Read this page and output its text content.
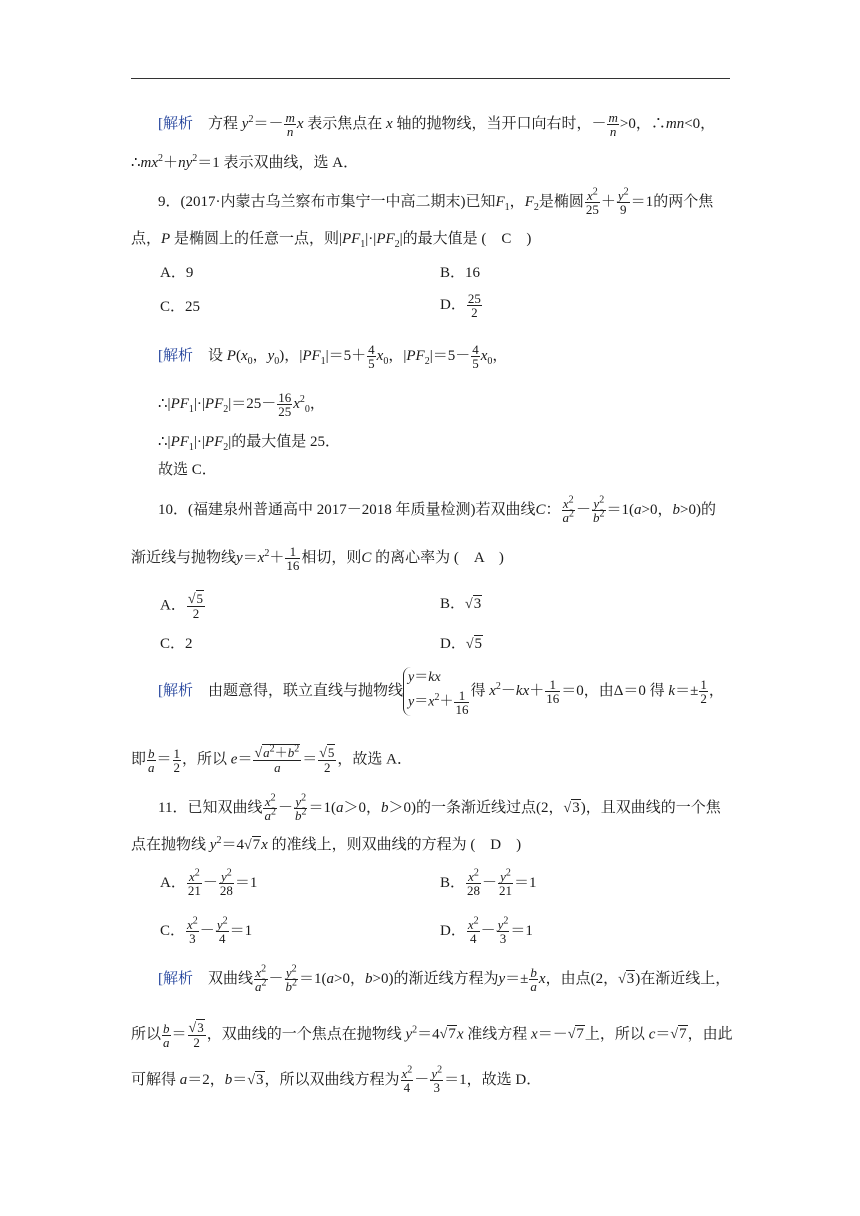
[解析 方程 $y^2=- \frac{m}{n}$ x 表示焦点在 x 轴的抛物线，当开口向右时，－ $\frac{m}{n} >0$，∴mn<0，
$\therefore mx^2+ny^2=1$ 表示双曲线，选 A．
9．(2017·内蒙古乌兰察布市集宁一中高二期末)已知$F_1$，$F_2$是椭圆 $\frac{x^2}{25} + \frac{y^2}{9} =1$的两个焦
点，P 是椭圆上的任意一点，则$|PF_1|\cdot|PF_2|$的最大值是 (　C　)
A．9	B．16
C．25	D． $\frac{25}{2}$
[解析 设 $P(x_0$，$y_0$)，$|PF_1|=5+ \frac{4}{5} x_0$，$|PF_2|=5- \frac{4}{5} x_0$，
$\therefore|PF_1|\cdot|PF_2|=25- \frac{16}{25} x^2_0$，
$\therefore|PF_1|\cdot|PF_2|$的最大值是 25．
故选 C．
10．(福建泉州普通高中 2017－2018 年质量检测)若双曲线C： $\frac{x^2}{a^2} - \frac{y^2}{b^2} =1(a>0$，b>0)的
渐近线与抛物线$y=x^2+ \frac{1}{16}$ 相切，则C 的离心率为 (　A　)
A． $\frac{√5}{2}$	B．√3
C．2	D．√5
[解析 由题意得，联立直线与抛物线
y＝kx
$y=x^2+ \frac{1}{16}$ 得 $x^2-kx+ \frac{1}{16} =0$，由Δ＝0 得 $k=\pm \frac{1}{2}$ ，
即 $\frac{b}{a} = \frac{1}{2}$ ，所以 $e= \frac{√a^2+b^2}{a} = \frac{√5}{2}$ ，故选 A．
11．已知双曲线 $\frac{x^2}{a^2} - \frac{y^2}{b^2} =1(a>0$，b＞0)的一条渐近线过点(2，√3)，且双曲线的一个焦
点在抛物线 $y^2=4√7x$ 的准线上，则双曲线的方程为 (　D　)
A． $\frac{x^2}{21} - \frac{y^2}{28} =1$	B． $\frac{x^2}{28} - \frac{y^2}{21} =1$
C． $\frac{x^2}{3} - \frac{y^2}{4} =1$	D． $\frac{x^2}{4} - \frac{y^2}{3} =1$
[解析 双曲线 $\frac{x^2}{a^2} - \frac{y^2}{b^2} =1(a>0$，b>0)的渐近线方程为$y=\pm \frac{b}{a}$ x，由点(2，√3)在渐近线上，
所以 $\frac{b}{a} = \frac{√3}{2}$ ，双曲线的一个焦点在抛物线 $y^2=4√7x$ 准线方程 x＝－√7上，所以 c＝√7，由此
可解得 a＝2，b＝√3，所以双曲线方程为 $\frac{x^2}{4} - \frac{y^2}{3} =1$，故选 D．
